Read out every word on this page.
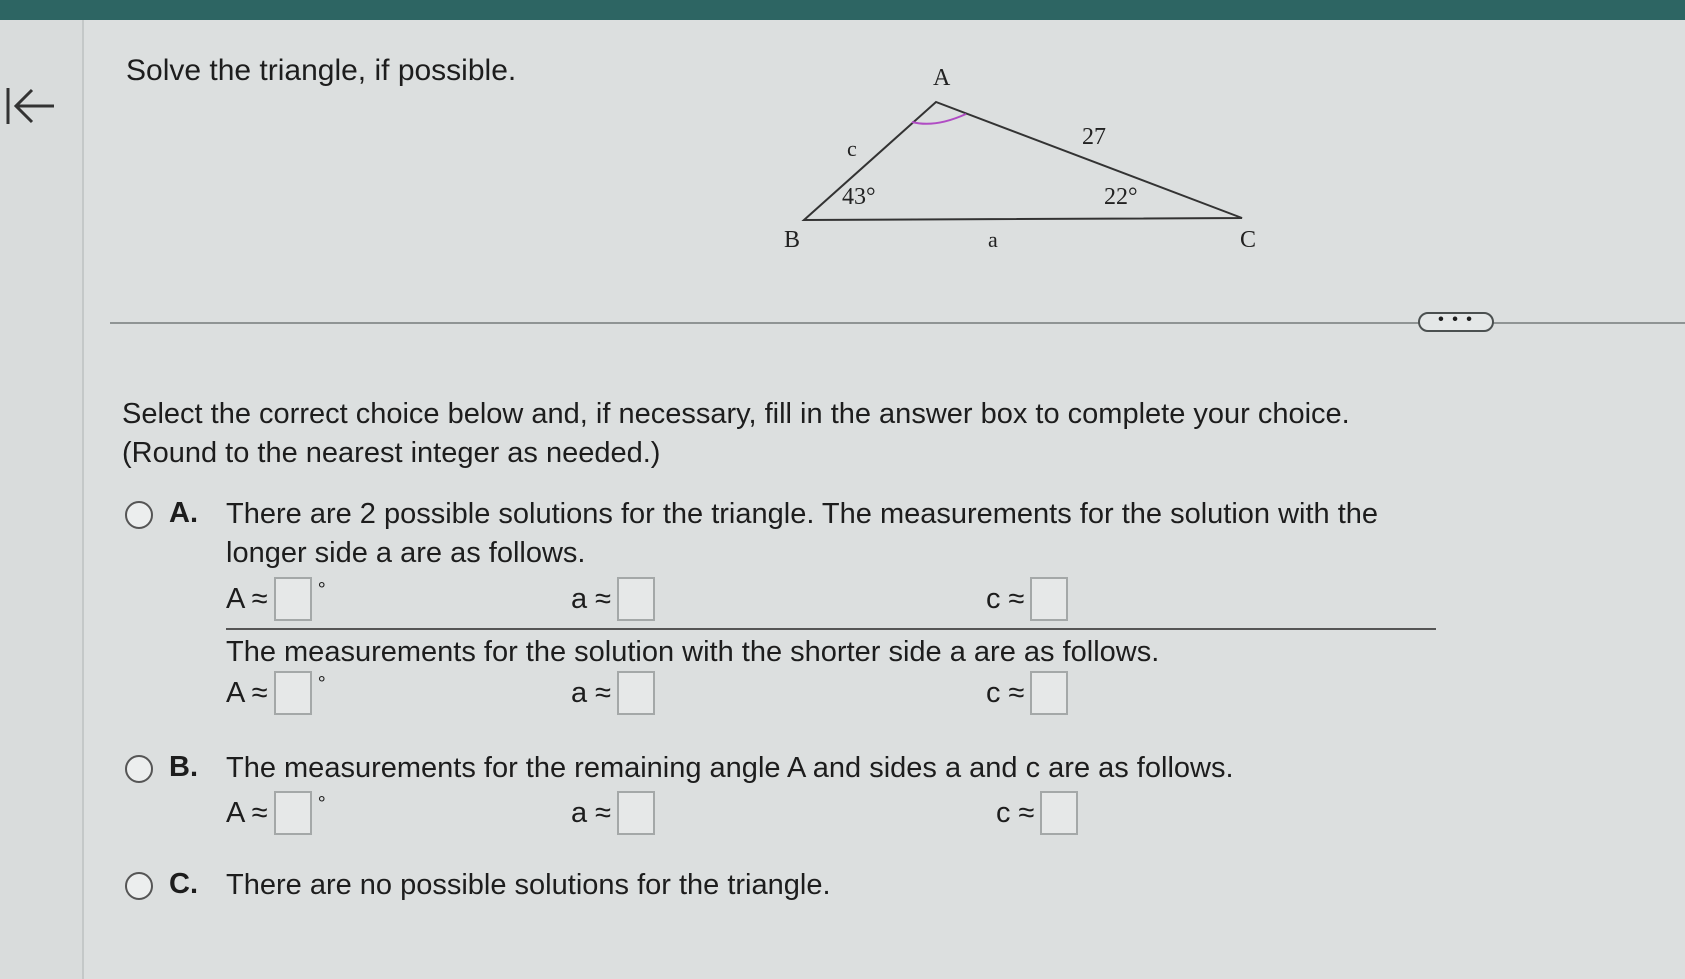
Solve the triangle, if possible.	A
B	C
c	27
a
43°	22°
• • •
Select the correct choice below and, if necessary, fill in the answer box to complete your choice.
(Round to the nearest integer as needed.)
A. There are 2 possible solutions for the triangle. The measurements for the solution with the longer side a are as follows.
A ≈	°	a ≈	c ≈
The measurements for the solution with the shorter side a are as follows.
A ≈	°	a ≈	c ≈
B. The measurements for the remaining angle A and sides a and c are as follows.
A ≈	°	a ≈	c ≈
C. There are no possible solutions for the triangle.
